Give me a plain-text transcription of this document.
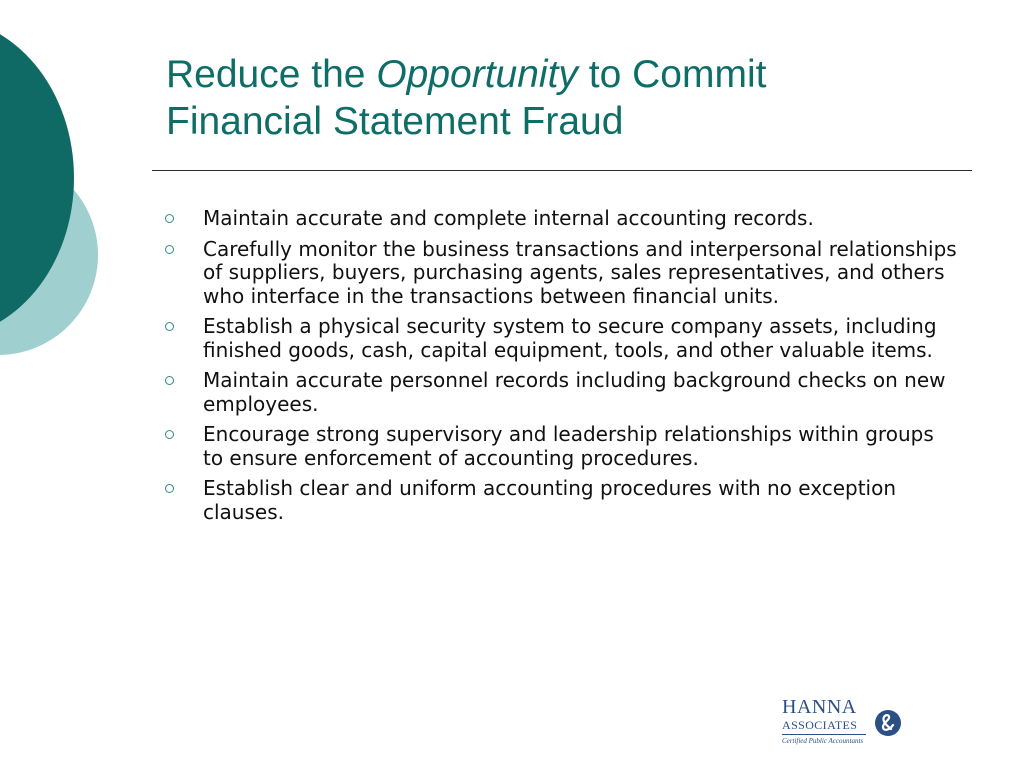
Reduce the Opportunity to Commit
Financial Statement Fraud
Maintain accurate and complete internal accounting records.
Carefully monitor the business transactions and interpersonal relationships of suppliers, buyers, purchasing agents, sales representatives, and others who interface in the transactions between financial units.
Establish a physical security system to secure company assets, including finished goods, cash, capital equipment, tools, and other valuable items.
Maintain accurate personnel records including background checks on new employees.
Encourage strong supervisory and leadership relationships within groups to ensure enforcement of accounting procedures.
Establish clear and uniform accounting procedures with no exception clauses.
HANNA
ASSOCIATES
Certified Public Accountants
